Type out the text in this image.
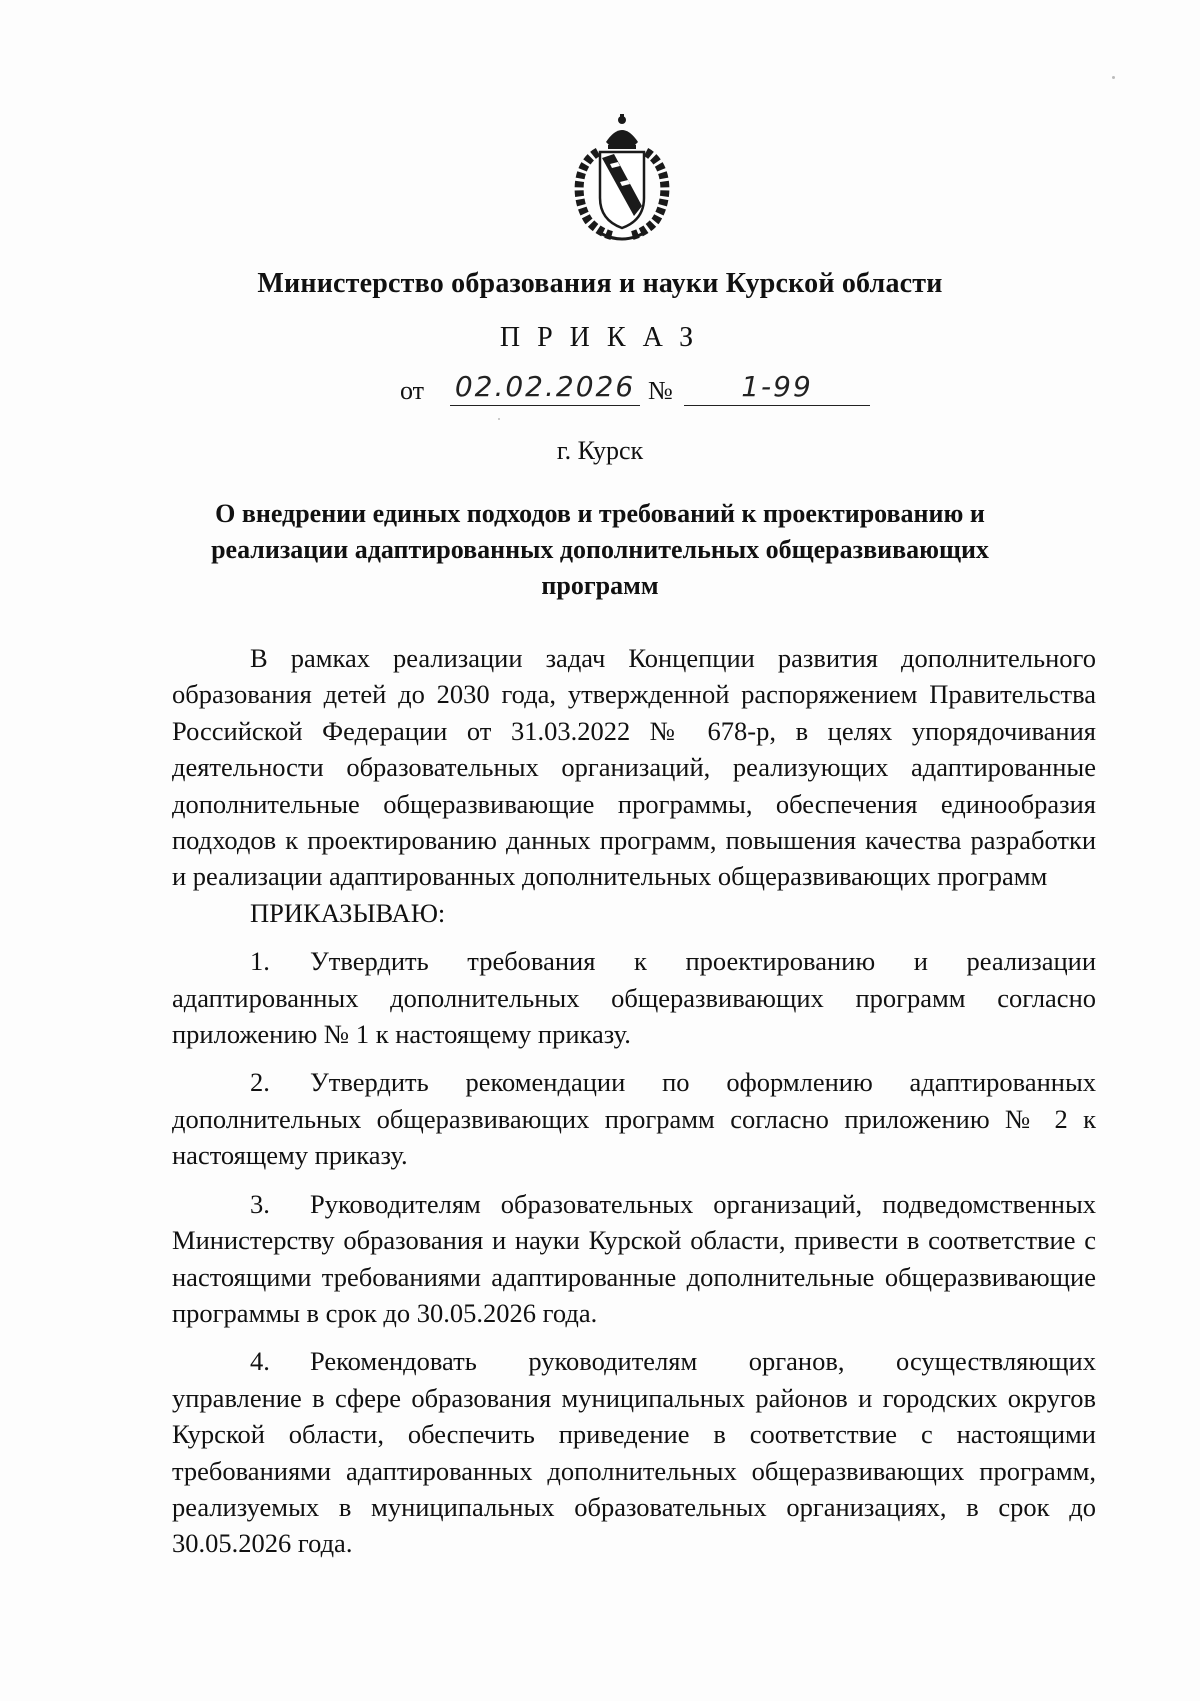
Министерство образования и науки Курской области
ПРИКАЗ
от 02.02.2026 №	1-99
г. Курск
О внедрении единых подходов и требований к проектированию и реализации адаптированных дополнительных общеразвивающих программ

В рамках реализации задач Концепции развития дополнительного образования детей до 2030 года, утвержденной распоряжением Правительства Российской Федерации от 31.03.2022 № 678-р, в целях упорядочивания деятельности образовательных организаций, реализующих адаптированные дополнительные общеразвивающие программы, обеспечения единообразия подходов к проектированию данных программ, повышения качества разработки и реализации адаптированных дополнительных общеразвивающих программ

ПРИКАЗЫВАЮ:

1. Утвердить требования к проектированию и реализации адаптированных дополнительных общеразвивающих программ согласно приложению № 1 к настоящему приказу.

2. Утвердить рекомендации по оформлению адаптированных дополнительных общеразвивающих программ согласно приложению № 2 к настоящему приказу.

3. Руководителям образовательных организаций, подведомственных Министерству образования и науки Курской области, привести в соответствие с настоящими требованиями адаптированные дополнительные общеразвивающие программы в срок до 30.05.2026 года.

4. Рекомендовать руководителям органов, осуществляющих управление в сфере образования муниципальных районов и городских округов Курской области, обеспечить приведение в соответствие с настоящими требованиями адаптированных дополнительных общеразвивающих программ, реализуемых в муниципальных образовательных организациях, в срок до 30.05.2026 года.
